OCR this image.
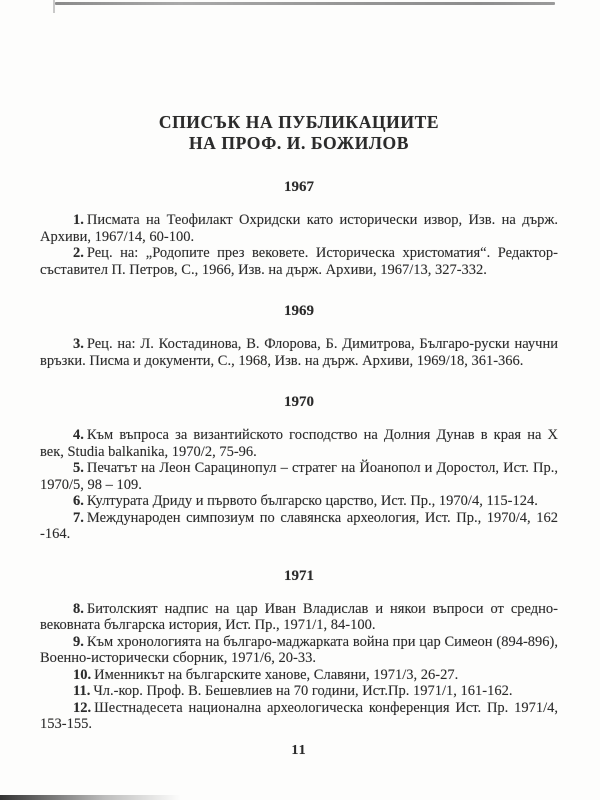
СПИСЪК НА ПУБЛИКАЦИИТЕ
НА ПРОФ. И. БОЖИЛОВ
1967

1. Писмата на Теофилакт Охридски като исторически извор, Изв. на държ. Архиви, 1967/14, 60-100.

2. Рец. на: „Родопите през вековете. Историческа христоматия“. Редактор-съставител П. Петров, С., 1966, Изв. на държ. Архиви, 1967/13, 327-332.

1969

3. Рец. на: Л. Костадинова, В. Флорова, Б. Димитрова, Българо-руски научни връзки. Писма и документи, С., 1968, Изв. на държ. Архиви, 1969/18, 361-366.

1970

4. Към въпроса за византийското господство на Долния Дунав в края на X век, Studia balkanika, 1970/2, 75-96.

5. Печатът на Леон Сарацинопул – стратег на Йоанопол и Доростол, Ист. Пр., 1970/5, 98 – 109.

6. Културата Дриду и първото българско царство, Ист. Пр., 1970/4, 115-124.

7. Международен симпозиум по славянска археология, Ист. Пр., 1970/4, 162 -164.

1971

8. Битолският надпис на цар Иван Владислав и някои въпроси от средно-вековната българска история, Ист. Пр., 1971/1, 84-100.

9. Към хронологията на българо-маджарката война при цар Симеон (894-896), Военно-исторически сборник, 1971/6, 20-33.

10. Именникът на българските ханове, Славяни, 1971/3, 26-27.

11. Чл.-кор. Проф. В. Бешевлиев на 70 години, Ист.Пр. 1971/1, 161-162.

12. Шестнадесета национална археологическа конференция Ист. Пр. 1971/4, 153-155.

11
